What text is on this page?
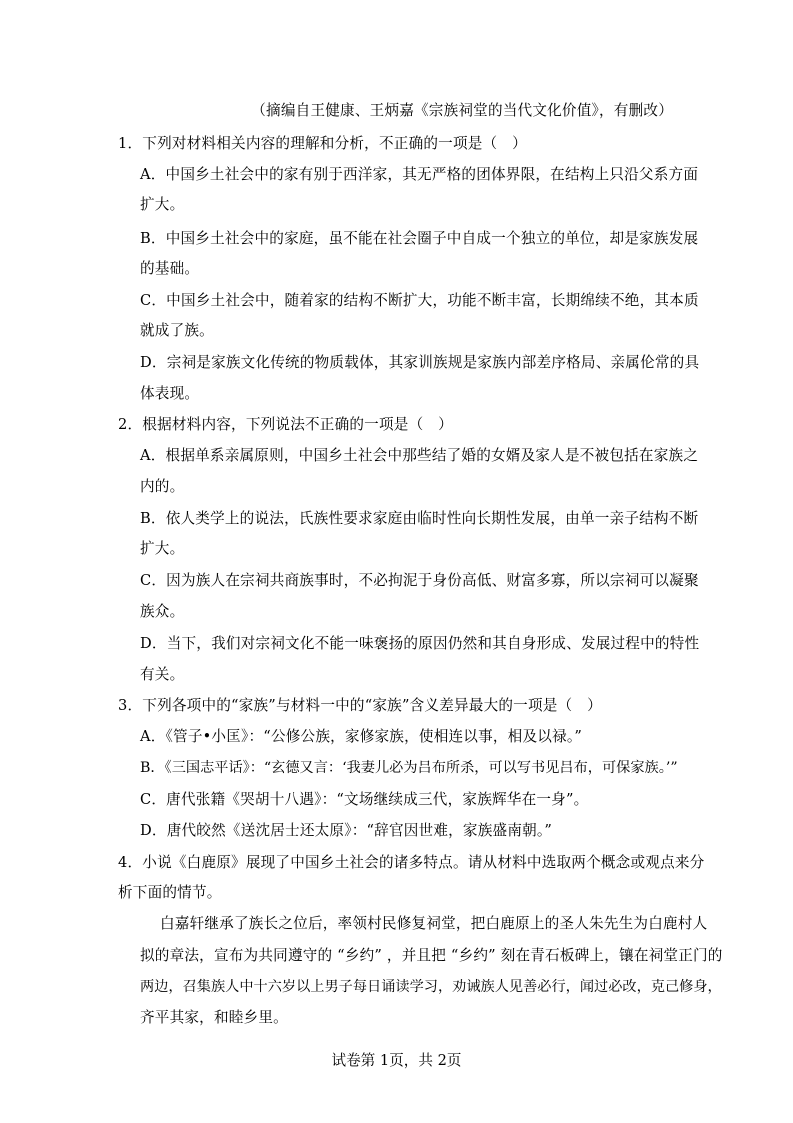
（摘编自王健康、王炳嘉《宗族祠堂的当代文化价值》，有删改）
1．下列对材料相关内容的理解和分析，不正确的一项是（　）
A．中国乡土社会中的家有别于西洋家，其无严格的团体界限，在结构上只沿父系方面
扩大。
B．中国乡土社会中的家庭，虽不能在社会圈子中自成一个独立的单位，却是家族发展
的基础。
C．中国乡土社会中，随着家的结构不断扩大，功能不断丰富，长期绵续不绝，其本质
就成了族。
D．宗祠是家族文化传统的物质载体，其家训族规是家族内部差序格局、亲属伦常的具
体表现。
2．根据材料内容，下列说法不正确的一项是（　）
A．根据单系亲属原则，中国乡土社会中那些结了婚的女婿及家人是不被包括在家族之
内的。
B．依人类学上的说法，氏族性要求家庭由临时性向长期性发展，由单一亲子结构不断
扩大。
C．因为族人在宗祠共商族事时，不必拘泥于身份高低、财富多寡，所以宗祠可以凝聚
族众。
D．当下，我们对宗祠文化不能一味褒扬的原因仍然和其自身形成、发展过程中的特性
有关。
3．下列各项中的“家族”与材料一中的“家族”含义差异最大的一项是（　）
A．《管子•小匡》：“公修公族，家修家族，使相连以事，相及以禄。”
B．《三国志平话》：“玄德又言：‘我妻儿必为吕布所杀，可以写书见吕布，可保家族。’”
C．唐代张籍《哭胡十八遇》：“文场继续成三代，家族辉华在一身”。
D．唐代皎然《送沈居士还太原》：“辞官因世难，家族盛南朝。”
4．小说《白鹿原》展现了中国乡土社会的诸多特点。请从材料中选取两个概念或观点来分
析下面的情节。
白嘉轩继承了族长之位后，率领村民修复祠堂，把白鹿原上的圣人朱先生为白鹿村人
拟的章法，宣布为共同遵守的 “乡约” ，并且把 “乡约” 刻在青石板碑上，镶在祠堂正门的
两边，召集族人中十六岁以上男子每日诵读学习，劝诫族人见善必行，闻过必改，克己修身，
齐平其家，和睦乡里。
试卷第 1页，共 2页
